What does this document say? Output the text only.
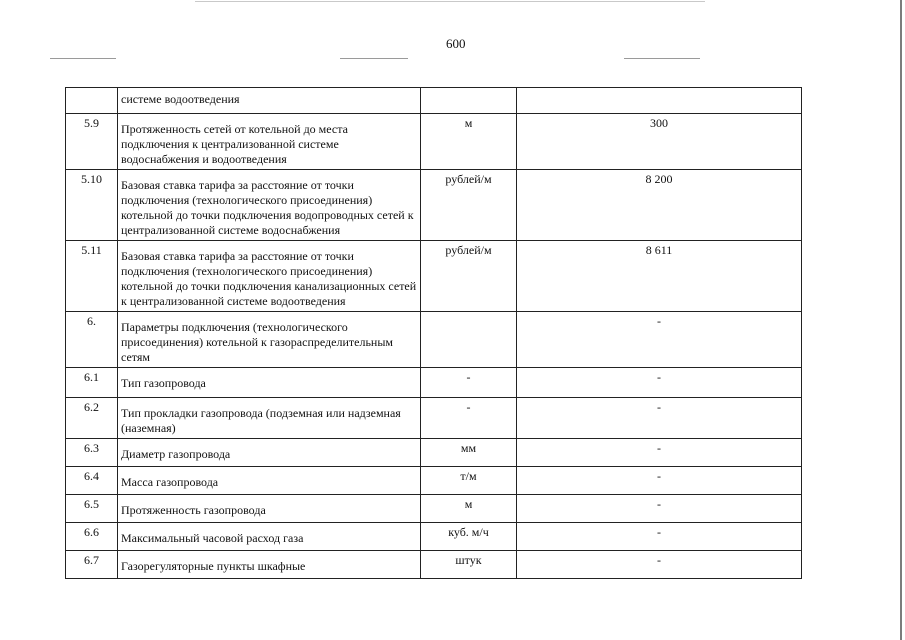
600
	системе водоотведения		
5.9	Протяженность сетей от котельной до места подключения к централизованной системе водоснабжения и водоотведения	м	300
5.10	Базовая ставка тарифа за расстояние от точки подключения (технологического присоединения) котельной до точки подключения водопроводных сетей к централизованной системе водоснабжения	рублей/м	8 200
5.11	Базовая ставка тарифа за расстояние от точки подключения (технологического присоединения) котельной до точки подключения канализационных сетей к централизованной системе водоотведения	рублей/м	8 611
6.	Параметры подключения (технологического присоединения) котельной к газораспределительным сетям		-
6.1	Тип газопровода	-	-
6.2	Тип прокладки газопровода (подземная или надземная (наземная)	-	-
6.3	Диаметр газопровода	мм	-
6.4	Масса газопровода	т/м	-
6.5	Протяженность газопровода	м	-
6.6	Максимальный часовой расход газа	куб. м/ч	-
6.7	Газорегуляторные пункты шкафные	штук	-
